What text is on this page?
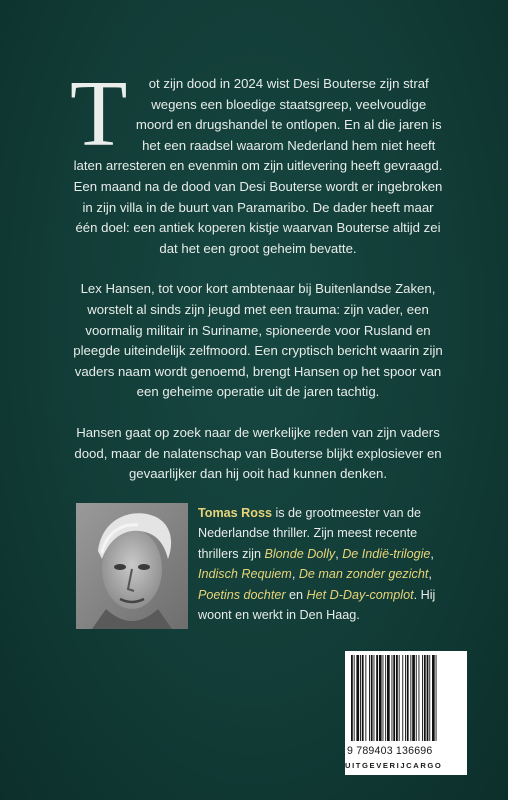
T ot zijn dood in 2024 wist Desi Bouterse zijn straf wegens een bloedige staatsgreep, veelvoudige moord en drugshandel te ontlopen. En al die jaren is het een raadsel waarom Nederland hem niet heeft laten arresteren en evenmin om zijn uitlevering heeft gevraagd. Een maand na de dood van Desi Bouterse wordt er ingebroken in zijn villa in de buurt van Paramaribo. De dader heeft maar één doel: een antiek koperen kistje waarvan Bouterse altijd zei dat het een groot geheim bevatte.

Lex Hansen, tot voor kort ambtenaar bij Buitenlandse Zaken, worstelt al sinds zijn jeugd met een trauma: zijn vader, een voormalig militair in Suriname, spioneerde voor Rusland en pleegde uiteindelijk zelfmoord. Een cryptisch bericht waarin zijn vaders naam wordt genoemd, brengt Hansen op het spoor van een geheime operatie uit de jaren tachtig.

Hansen gaat op zoek naar de werkelijke reden van zijn vaders dood, maar de nalatenschap van Bouterse blijkt explosiever en gevaarlijker dan hij ooit had kunnen denken.

Tomas Ross is de grootmeester van de Nederlandse thriller. Zijn meest recente thrillers zijn Blonde Dolly, De Indië-trilogie, Indisch Requiem, De man zonder gezicht, Poetins dochter en Het D-Day-complot. Hij woont en werkt in Den Haag.
9 789403 136696
UITGEVERIJCARGO
